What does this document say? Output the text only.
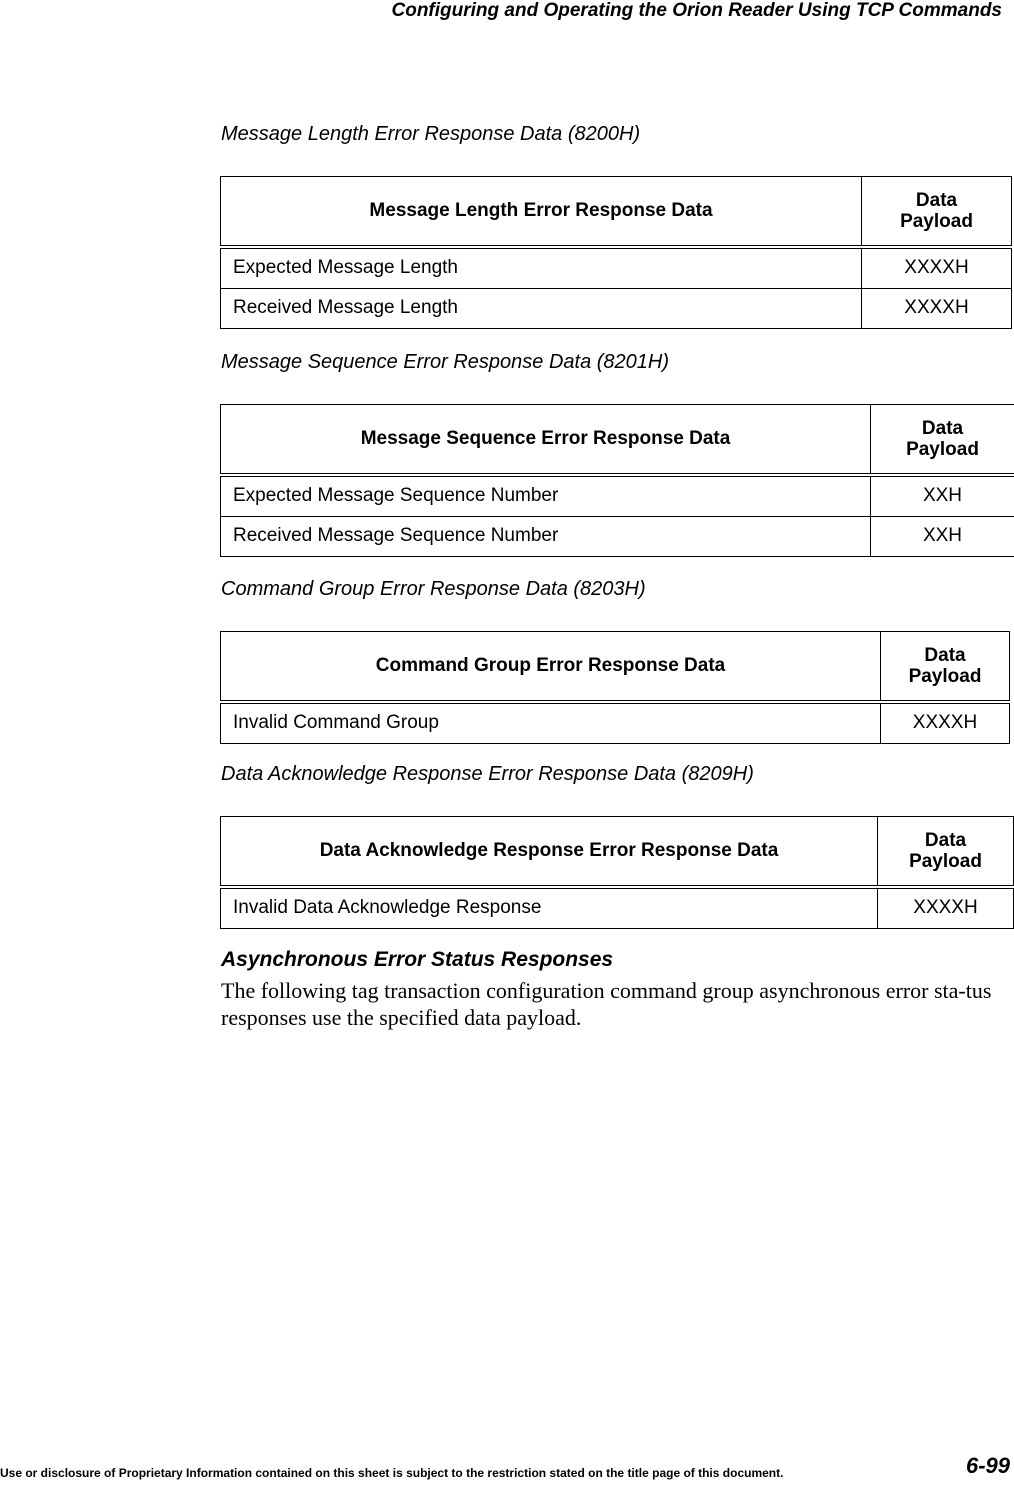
Configuring and Operating the Orion Reader Using TCP Commands
Message Length Error Response Data (8200H)
Message Length Error Response Data	Data Payload
Expected Message Length	XXXXH
Received Message Length	XXXXH
Message Sequence Error Response Data (8201H)
Message Sequence Error Response Data	Data Payload
Expected Message Sequence Number	XXH
Received Message Sequence Number	XXH
Command Group Error Response Data (8203H)
Command Group Error Response Data	Data Payload
Invalid Command Group	XXXXH
Data Acknowledge Response Error Response Data (8209H)
Data Acknowledge Response Error Response Data	Data Payload
Invalid Data Acknowledge Response	XXXXH
Asynchronous Error Status Responses
The following tag transaction configuration command group asynchronous error sta-tus responses use the specified data payload.
Use or disclosure of Proprietary Information contained on this sheet is subject to the restriction stated on the title page of this document.	6-99
